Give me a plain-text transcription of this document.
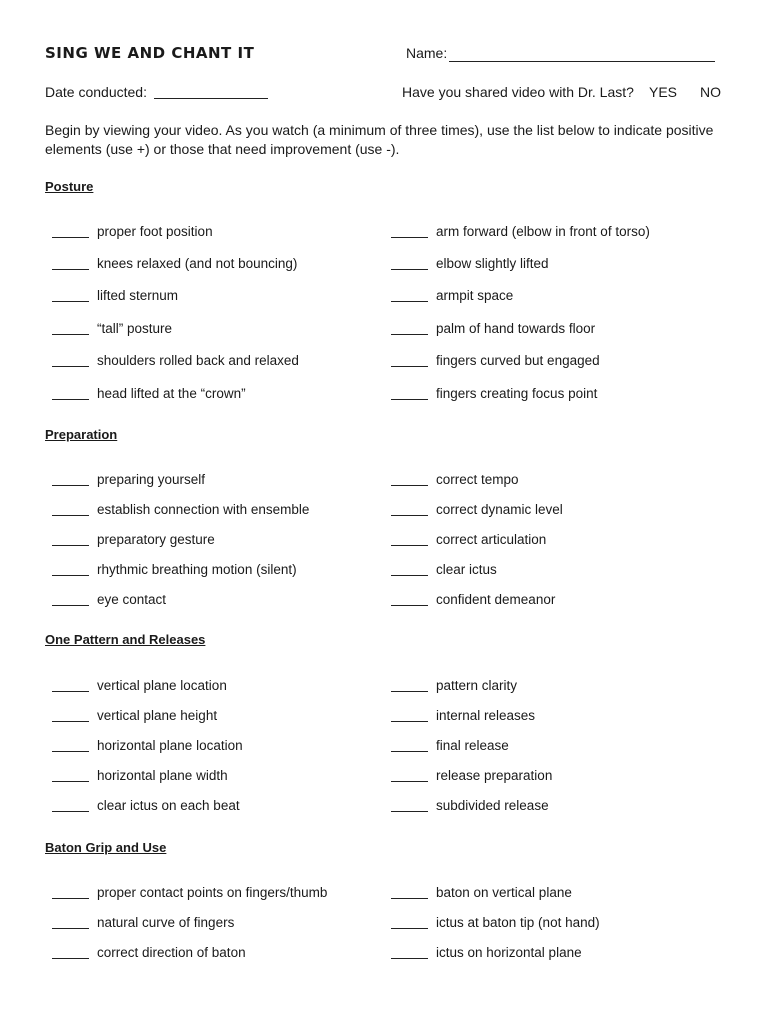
SING WE AND CHANT IT	Name:
Date conducted:	Have you shared video with Dr. Last? YES NO
Begin by viewing your video. As you watch (a minimum of three times), use the list below to indicate positive elements (use +) or those that need improvement (use -).
Posture
proper foot position
knees relaxed (and not bouncing)
lifted sternum
“tall” posture
shoulders rolled back and relaxed
head lifted at the “crown”
arm forward (elbow in front of torso)
elbow slightly lifted
armpit space
palm of hand towards floor
fingers curved but engaged
fingers creating focus point
Preparation
preparing yourself
establish connection with ensemble
preparatory gesture
rhythmic breathing motion (silent)
eye contact
correct tempo
correct dynamic level
correct articulation
clear ictus
confident demeanor
One Pattern and Releases
vertical plane location
vertical plane height
horizontal plane location
horizontal plane width
clear ictus on each beat
pattern clarity
internal releases
final release
release preparation
subdivided release
Baton Grip and Use
proper contact points on fingers/thumb
natural curve of fingers
correct direction of baton
baton on vertical plane
ictus at baton tip (not hand)
ictus on horizontal plane
